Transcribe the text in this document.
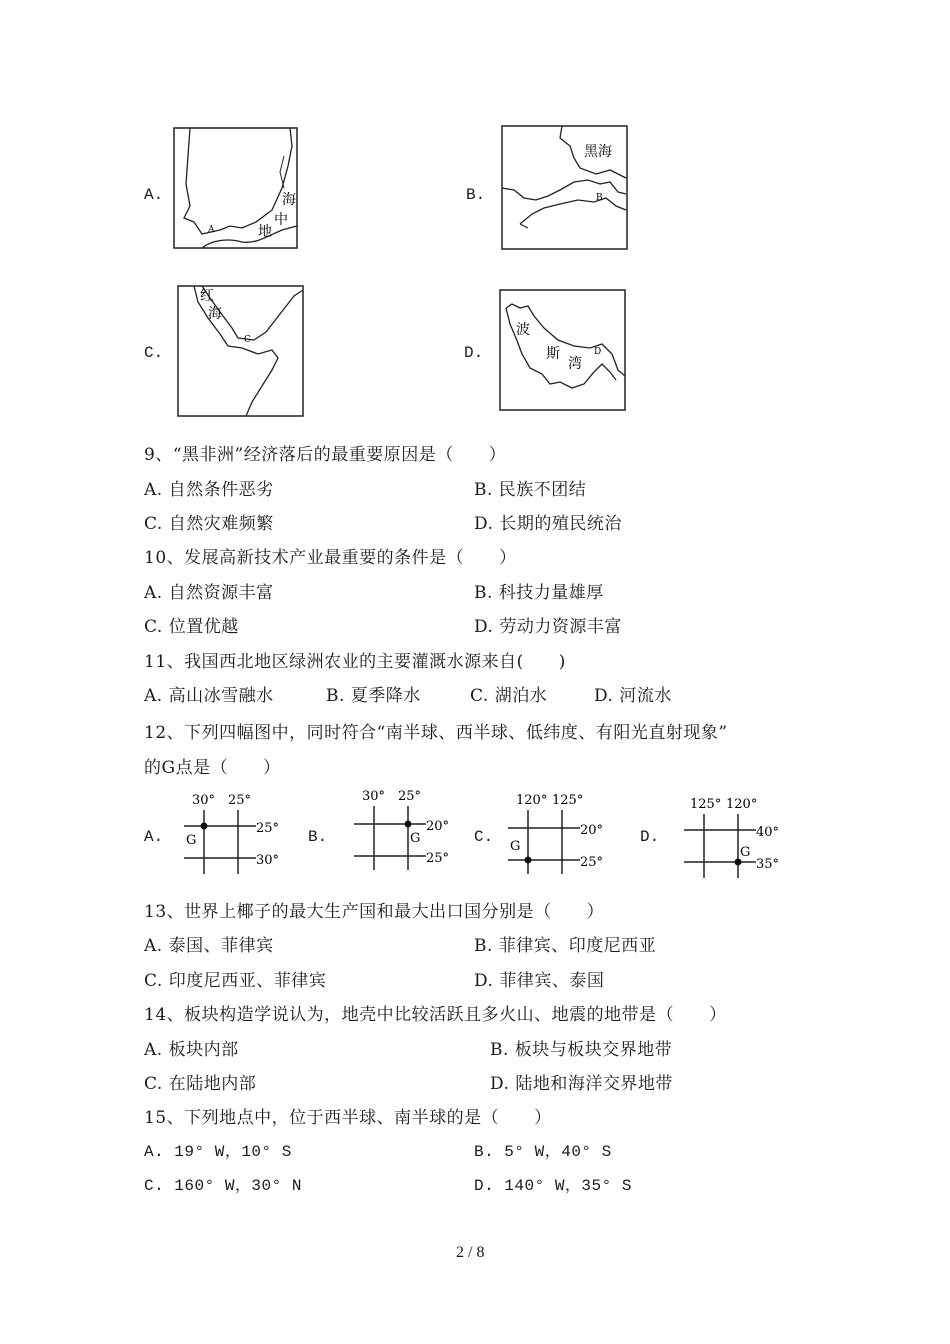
A.	海
中
地
A
B.
黑海
B
C.
红
海
C
D.
波
斯
湾
D
9、“黑非洲”经济落后的最重要原因是（　　）
A. 自然条件恶劣	B. 民族不团结
C. 自然灾难频繁	D. 长期的殖民统治
10、发展高新技术产业最重要的条件是（　　）
A. 自然资源丰富	B. 科技力量雄厚
C. 位置优越	D. 劳动力资源丰富
11、我国西北地区绿洲农业的主要灌溉水源来自(　　)
A. 高山冰雪融水	B. 夏季降水	C. 湖泊水	D. 河流水
12、下列四幅图中，同时符合“南半球、西半球、低纬度、有阳光直射现象”
的G点是（　　）
A.
30° 25°
25°
30°
G	B.
30° 25°
20°
25°
G	C.
120° 125°
20°
25°
G
D.
125° 120°
40°
35°
G
13、世界上椰子的最大生产国和最大出口国分别是（　　）
A. 泰国、菲律宾	B. 菲律宾、印度尼西亚
C. 印度尼西亚、菲律宾	D. 菲律宾、泰国
14、板块构造学说认为，地壳中比较活跃且多火山、地震的地带是（　　）
A. 板块内部	B. 板块与板块交界地带
C. 在陆地内部	D. 陆地和海洋交界地带
15、下列地点中，位于西半球、南半球的是（　　）
A. 19° W，10° S	B. 5° W，40° S
C. 160° W，30° N	D. 140° W，35° S
2 / 8
